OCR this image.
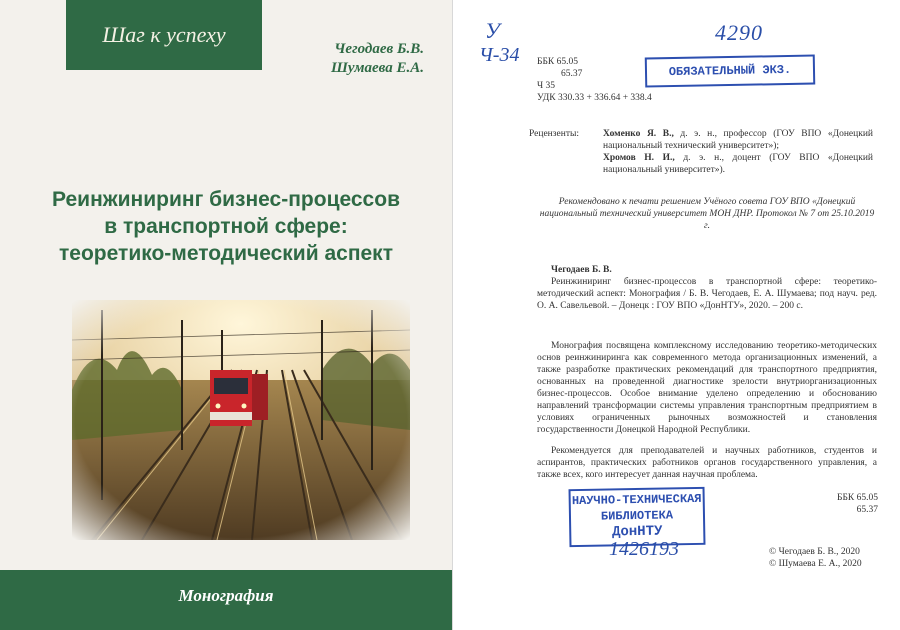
Шаг к успеху
Чегодаев Б.В.
Шумаева Е.А.
Реинжиниринг бизнес-процессов
в транспортной сфере:
теоретико-методический аспект
Монография
У
Ч-34
4290
ББК 65.05
65.37
Ч 35
УДК 330.33 + 336.64 + 338.4
ОБЯЗАТЕЛЬНЫЙ ЭКЗ.
Рецензенты:	Хоменко Я. В., д. э. н., профессор (ГОУ ВПО «Донецкий национальный технический университет»);
Хромов Н. И., д. э. н., доцент (ГОУ ВПО «Донецкий национальный университет»).
Рекомендовано к печати решением Учёного совета ГОУ ВПО «Донецкий национальный технический университет МОН ДНР. Протокол № 7 от 25.10.2019 г.
Чегодаев Б. В.
Реинжиниринг бизнес-процессов в транспортной сфере: теоретико-методический аспект: Монография / Б. В. Чегодаев, Е. А. Шумаева; под науч. ред. О. А. Савельевой. – Донецк : ГОУ ВПО «ДонНТУ», 2020. – 200 с.
Монография посвящена комплексному исследованию теоретико-методических основ реинжиниринга как современного метода организационных изменений, а также разработке практических рекомендаций для транспортного предприятия, основанных на проведенной диагностике зрелости внутриорганизационных бизнес-процессов. Особое внимание уделено определению и обоснованию направлений трансформации системы управления транспортным предприятием в условиях ограниченных рыночных возможностей и становления государственности Донецкой Народной Республики.
Рекомендуется для преподавателей и научных работников, студентов и аспирантов, практических работников органов государственного управления, а также всех, кого интересует данная научная проблема.
ББК 65.05
65.37
НАУЧНО-ТЕХНИЧЕСКАЯ
БИБЛИОТЕКА
ДонНТУ
1426193	© Чегодаев Б. В., 2020
© Шумаева Е. А., 2020
